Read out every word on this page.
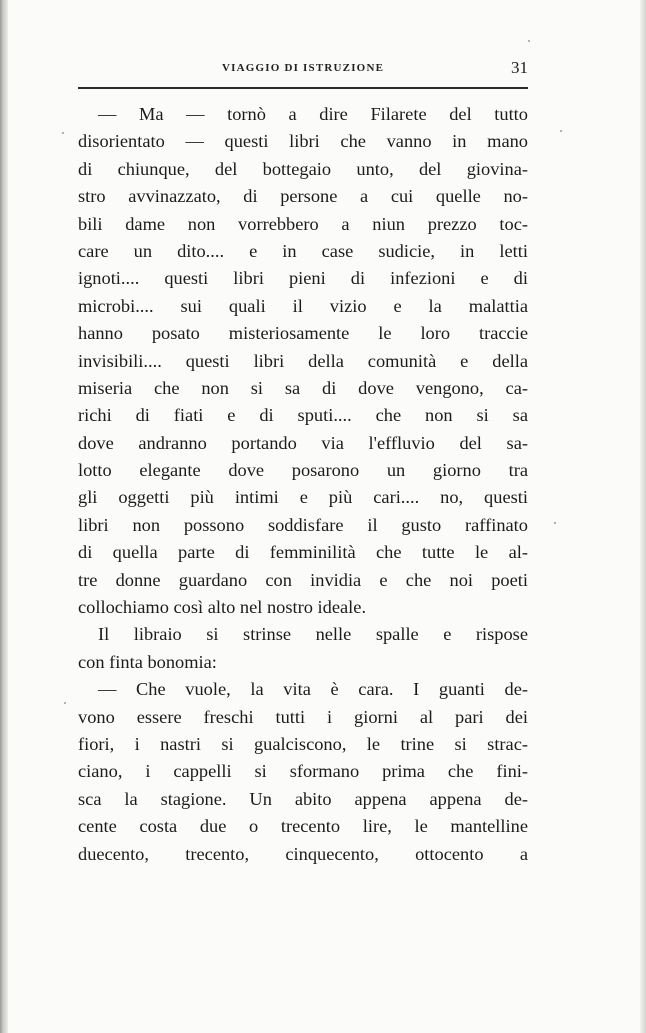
VIAGGIO DI ISTRUZIONE	31
— Ma — tornò a dire Filarete del tutto
disorientato — questi libri che vanno in mano
di chiunque, del bottegaio unto, del giovina-
stro avvinazzato, di persone a cui quelle no-
bili dame non vorrebbero a niun prezzo toc-
care un dito.... e in case sudicie, in letti
ignoti.... questi libri pieni di infezioni e di
microbi.... sui quali il vizio e la malattia
hanno posato misteriosamente le loro traccie
invisibili.... questi libri della comunità e della
miseria che non si sa di dove vengono, ca-
richi di fiati e di sputi.... che non si sa
dove andranno portando via l'effluvio del sa-
lotto elegante dove posarono un giorno tra
gli oggetti più intimi e più cari.... no, questi
libri non possono soddisfare il gusto raffinato
di quella parte di femminilità che tutte le al-
tre donne guardano con invidia e che noi poeti
collochiamo così alto nel nostro ideale.
Il libraio si strinse nelle spalle e rispose
con finta bonomia:
— Che vuole, la vita è cara. I guanti de-
vono essere freschi tutti i giorni al pari dei
fiori, i nastri si gualciscono, le trine si strac-
ciano, i cappelli si sformano prima che fini-
sca la stagione. Un abito appena appena de-
cente costa due o trecento lire, le mantelline
duecento, trecento, cinquecento, ottocento a
